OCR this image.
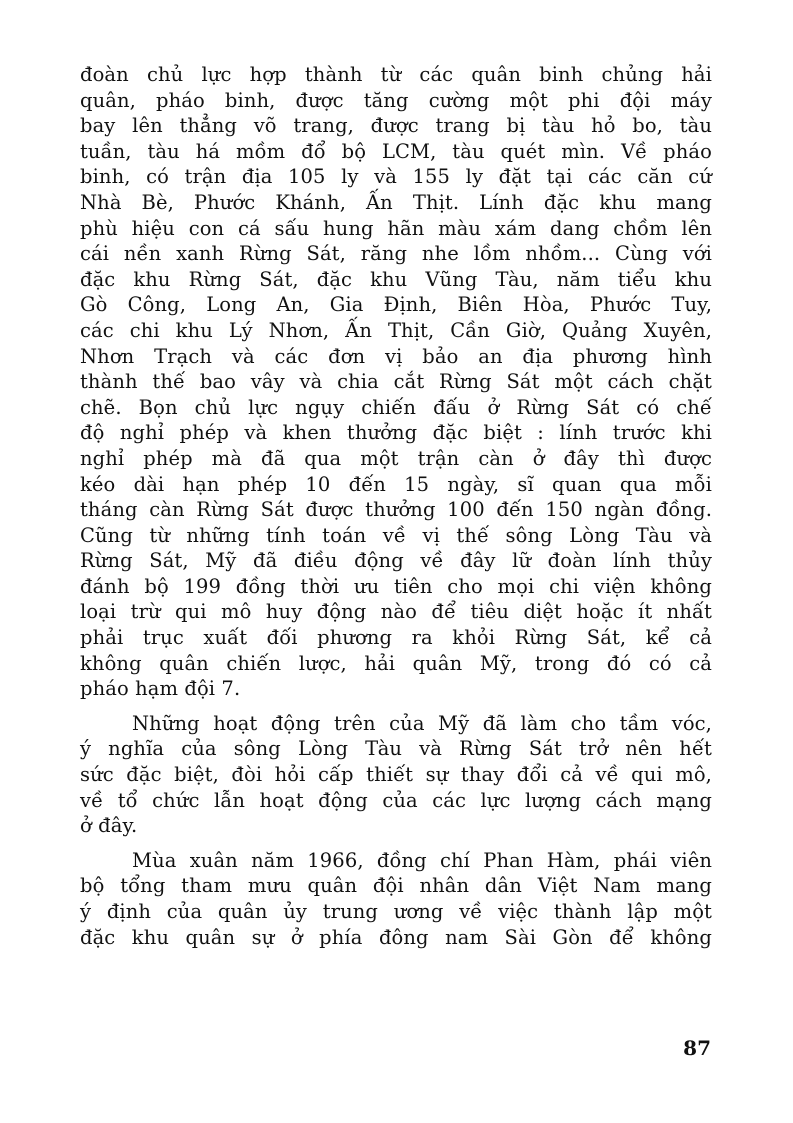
đoàn chủ lực hợp thành từ các quân binh chủng hải
quân, pháo binh, được tăng cường một phi đội máy
bay lên thẳng võ trang, được trang bị tàu hỏ bo, tàu
tuần, tàu há mồm đổ bộ LCM, tàu quét mìn. Về pháo
binh, có trận địa 105 ly và 155 ly đặt tại các căn cứ
Nhà Bè, Phước Khánh, Ấn Thịt. Lính đặc khu mang
phù hiệu con cá sấu hung hãn màu xám dang chồm lên
cái nền xanh Rừng Sát, răng nhe lồm nhồm... Cùng với
đặc khu Rừng Sát, đặc khu Vũng Tàu, năm tiểu khu
Gò Công, Long An, Gia Định, Biên Hòa, Phước Tuy,
các chi khu Lý Nhơn, Ấn Thịt, Cần Giờ, Quảng Xuyên,
Nhơn Trạch và các đơn vị bảo an địa phương hình
thành thế bao vây và chia cắt Rừng Sát một cách chặt
chẽ. Bọn chủ lực ngụy chiến đấu ở Rừng Sát có chế
độ nghỉ phép và khen thưởng đặc biệt : lính trước khi
nghỉ phép mà đã qua một trận càn ở đây thì được
kéo dài hạn phép 10 đến 15 ngày, sĩ quan qua mỗi
tháng càn Rừng Sát được thưởng 100 đến 150 ngàn đồng.
Cũng từ những tính toán về vị thế sông Lòng Tàu và
Rừng Sát, Mỹ đã điều động về đây lữ đoàn lính thủy
đánh bộ 199 đồng thời ưu tiên cho mọi chi viện không
loại trừ qui mô huy động nào để tiêu diệt hoặc ít nhất
phải trục xuất đối phương ra khỏi Rừng Sát, kể cả
không quân chiến lược, hải quân Mỹ, trong đó có cả
pháo hạm đội 7.
Những hoạt động trên của Mỹ đã làm cho tầm vóc,
ý nghĩa của sông Lòng Tàu và Rừng Sát trở nên hết
sức đặc biệt, đòi hỏi cấp thiết sự thay đổi cả về qui mô,
về tổ chức lẫn hoạt động của các lực lượng cách mạng
ở đây.
Mùa xuân năm 1966, đồng chí Phan Hàm, phái viên
bộ tổng tham mưu quân đội nhân dân Việt Nam mang
ý định của quân ủy trung ương về việc thành lập một
đặc khu quân sự ở phía đông nam Sài Gòn để không
87
